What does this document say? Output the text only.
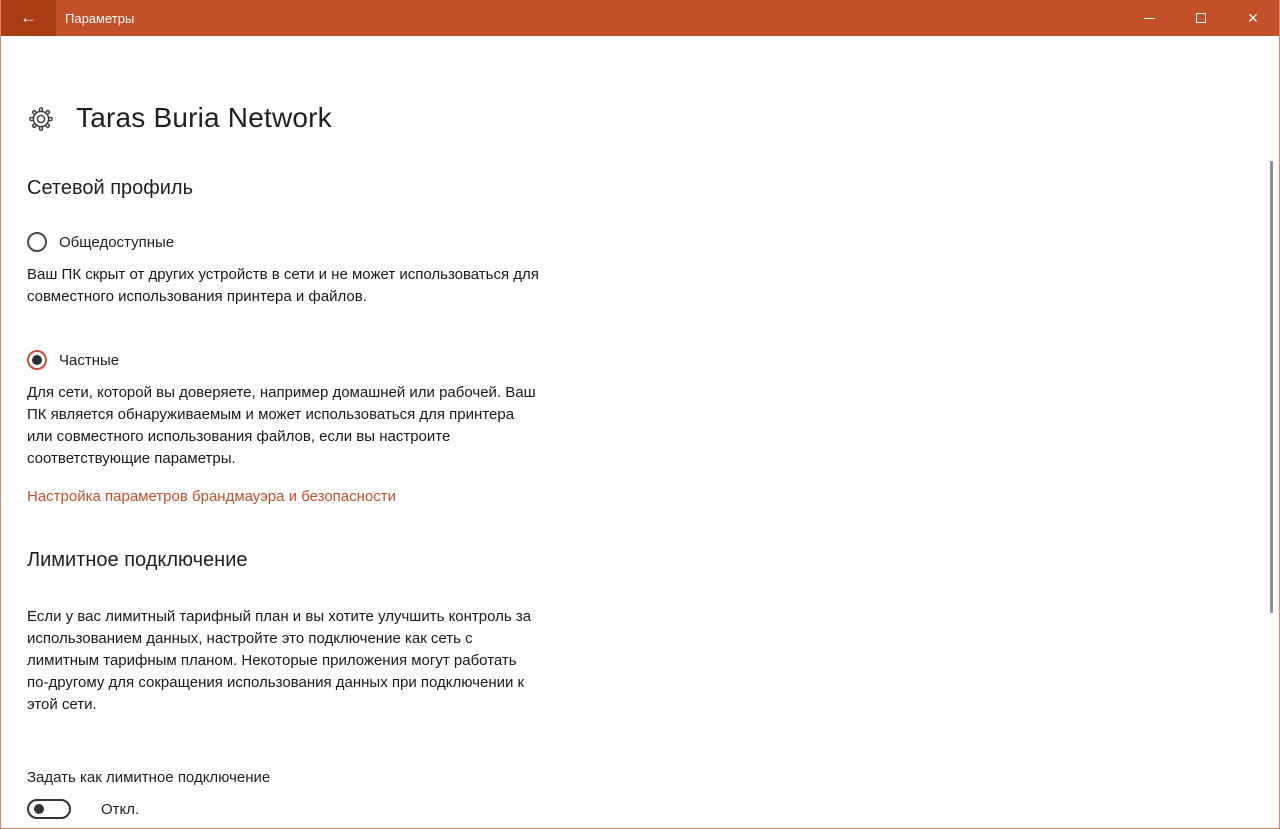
←	Параметры	✕
Taras Buria Network
Сетевой профиль
Общедоступные
Ваш ПК скрыт от других устройств в сети и не может использоваться для совместного использования принтера и файлов.
Частные
Для сети, которой вы доверяете, например домашней или рабочей. Ваш ПК является обнаруживаемым и может использоваться для принтера или совместного использования файлов, если вы настроите соответствующие параметры.
Настройка параметров брандмауэра и безопасности
Лимитное подключение
Если у вас лимитный тарифный план и вы хотите улучшить контроль за использованием данных, настройте это подключение как сеть с лимитным тарифным планом. Некоторые приложения могут работать по-другому для сокращения использования данных при подключении к этой сети.
Задать как лимитное подключение
Откл.
